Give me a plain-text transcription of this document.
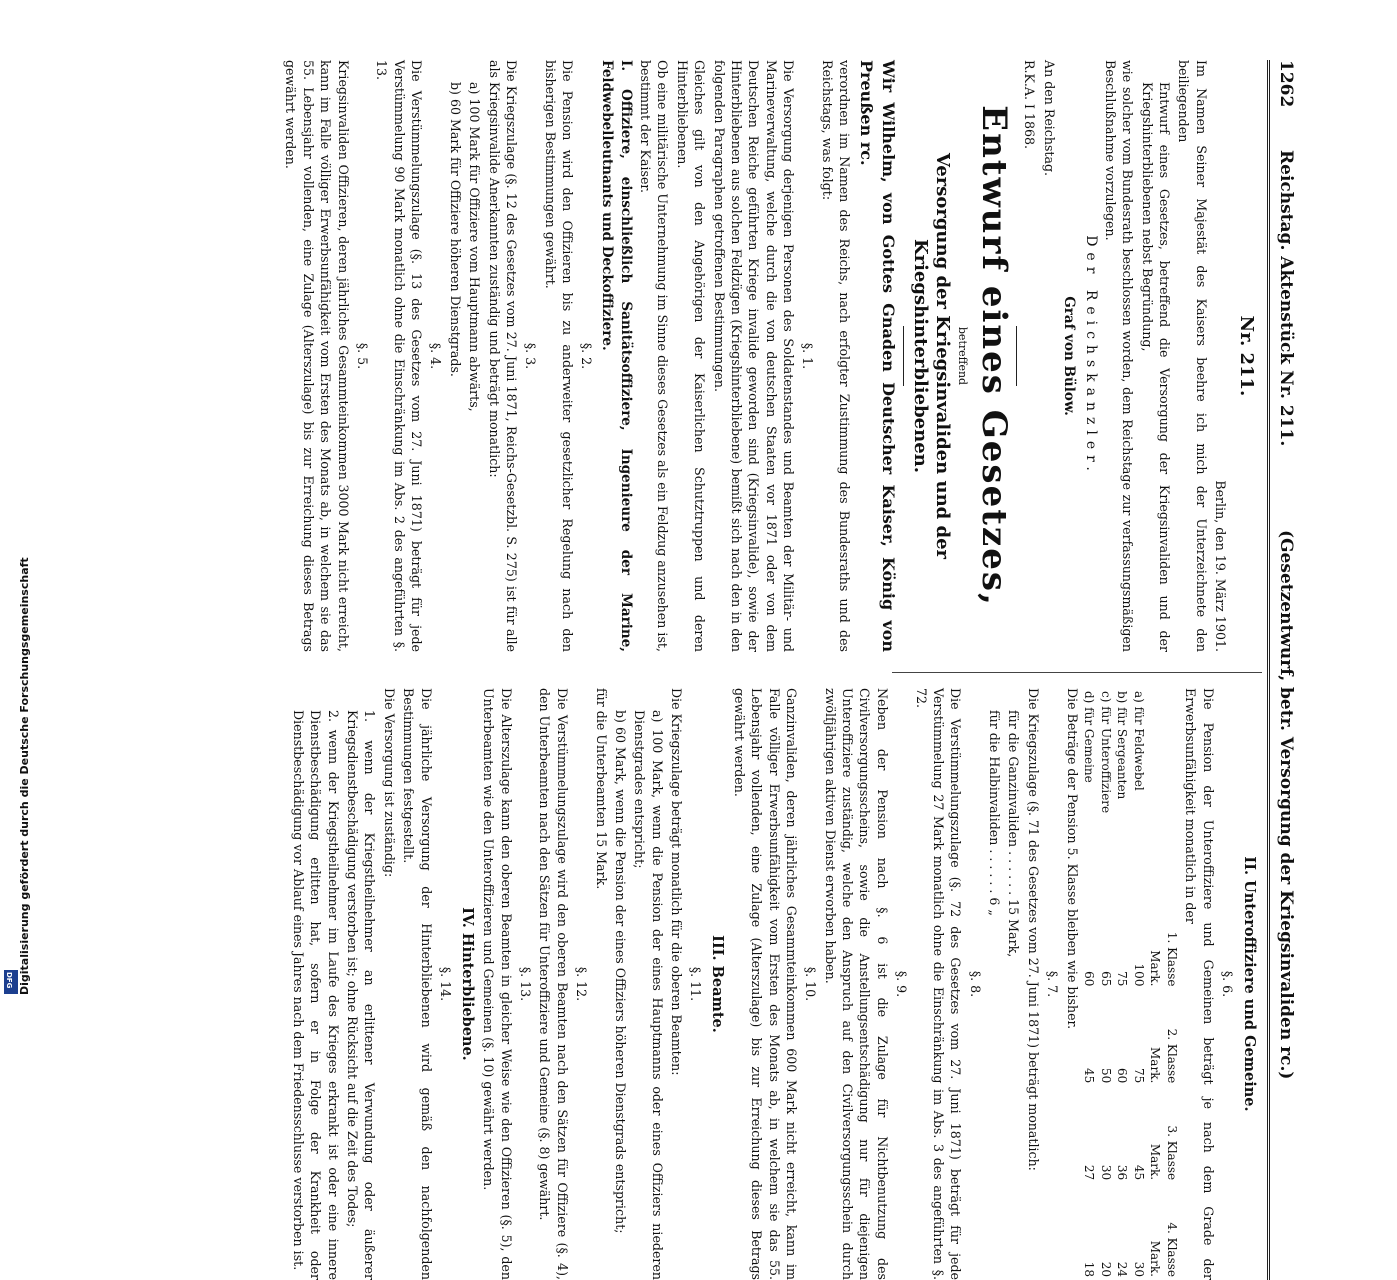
1262
Reichstag. Aktenstück Nr. 211.
(Gesetzentwurf, betr. Versorgung der Kriegsinvaliden rc.)
Nr. 211.

Berlin, den 19. März 1901.

Im Namen Seiner Majestät des Kaisers beehre ich mich der Unterzeichnete den beiliegenden

Entwurf eines Gesetzes, betreffend die Versorgung der Kriegsinvaliden und der Kriegshinterbliebenen nebst Begründung,

wie solcher vom Bundesrath beschlossen worden, dem Reichstage zur verfassungsmäßigen Beschlußnahme vorzulegen.

Der Reichskanzler.

Graf von Bülow.

An den Reichstag.

R.K.A. I 1868.

Entwurf eines Gesetzes,

betreffend

Versorgung der Kriegsinvaliden und der Kriegshinterbliebenen.

Wir Wilhelm, von Gottes Gnaden Deutscher Kaiser, König von Preußen rc.

verordnen im Namen des Reichs, nach erfolgter Zustimmung des Bundesraths und des Reichstags, was folgt:

§. 1.

Die Versorgung derjenigen Personen des Soldatenstandes und Beamten der Militär- und Marineverwaltung, welche durch die von deutschen Staaten vor 1871 oder von dem Deutschen Reiche geführten Kriege invalide geworden sind (Kriegsinvalide), sowie der Hinterbliebenen aus solchen Feldzügen (Kriegshinterbliebene) bemißt sich nach den in den folgenden Paragraphen getroffenen Bestimmungen.

Gleiches gilt von den Angehörigen der Kaiserlichen Schutztruppen und deren Hinterbliebenen.

Ob eine militärische Unternehmung im Sinne dieses Gesetzes als ein Feldzug anzusehen ist, bestimmt der Kaiser.

I. Offiziere, einschließlich Sanitätsoffiziere, Ingenieure der Marine, Feldwebelleutnants und Deckoffiziere.

§. 2.

Die Pension wird den Offizieren bis zu anderweiter gesetzlicher Regelung nach den bisherigen Bestimmungen gewährt.

§. 3.

Die Kriegszulage (§. 12 des Gesetzes vom 27. Juni 1871, Reichs-Gesetzbl. S. 275) ist für alle als Kriegsinvalide Anerkannten zuständig und beträgt monatlich:

a) 100 Mark für Offiziere vom Hauptmann abwärts,

b) 60 Mark für Offiziere höheren Dienstgrads.

§. 4.

Die Verstümmelungszulage (§. 13 des Gesetzes vom 27. Juni 1871) beträgt für jede Verstümmelung 90 Mark monatlich ohne die Einschränkung im Abs. 2 des angeführten §. 13.

§. 5.

Kriegsinvaliden Offizieren, deren jährliches Gesammteinkommen 3000 Mark nicht erreicht, kann im Falle völliger Erwerbsunfähigkeit vom Ersten des Monats ab, in welchem sie das 55. Lebensjahr vollenden, eine Zulage (Alterszulage) bis zur Erreichung dieses Betrags gewährt werden.

II. Unteroffiziere und Gemeine.

§. 6.

Die Pension der Unteroffiziere und Gemeinen beträgt je nach dem Grade der Erwerbsunfähigkeit monatlich in der

	1. Klasse	2. Klasse	3. Klasse	4. Klasse
	Mark.	Mark.	Mark.	Mark.
a) für Feldwebel	100	75	45	30
b) für Sergeanten	75	60	36	24
c) für Unteroffiziere	65	50	30	20
d) für Gemeine	60	45	27	18

Die Beträge der Pension 5. Klasse bleiben wie bisher.

§. 7.

Die Kriegszulage (§. 71 des Gesetzes vom 27. Juni 1871) beträgt monatlich:

für die Ganzinvaliden . . . . . . 15 Mark,

für die Halbinvaliden . . . . . . 6 „

§. 8.

Die Verstümmelungszulage (§. 72 des Gesetzes vom 27. Juni 1871) beträgt für jede Verstümmelung 27 Mark monatlich ohne die Einschränkung im Abs. 3 des angeführten §. 72.

§. 9.

Neben der Pension nach §. 6 ist die Zulage für Nichtbenutzung des Civilversorgungsscheins, sowie die Anstellungsentschädigung nur für diejenigen Unteroffiziere zuständig, welche den Anspruch auf den Civilversorgungsschein durch zwölfjährigen aktiven Dienst erworben haben.

§. 10.

Ganzinvaliden, deren jährliches Gesammteinkommen 600 Mark nicht erreicht, kann im Falle völliger Erwerbsunfähigkeit vom Ersten des Monats ab, in welchem sie das 55. Lebensjahr vollenden, eine Zulage (Alterszulage) bis zur Erreichung dieses Betrags gewährt werden.

III. Beamte.

§. 11.

Die Kriegszulage beträgt monatlich für die oberen Beamten:

a) 100 Mark, wenn die Pension der eines Hauptmanns oder eines Offiziers niederen Dienstgrades entspricht;

b) 60 Mark, wenn die Pension der eines Offiziers höheren Dienstgrads entspricht;

für die Unterbeamten 15 Mark.

§. 12.

Die Verstümmelungszulage wird den oberen Beamten nach den Sätzen für Offiziere (§. 4), den Unterbeamten nach den Sätzen für Unteroffiziere und Gemeine (§. 8) gewährt.

§. 13.

Die Alterszulage kann den oberen Beamten in gleicher Weise wie den Offizieren (§. 5), den Unterbeamten wie den Unteroffizieren und Gemeinen (§. 10) gewährt werden.

IV. Hinterbliebene.

§. 14.

Die jährliche Versorgung der Hinterbliebenen wird gemäß den nachfolgenden Bestimmungen festgestellt.

Die Versorgung ist zuständig:

1. wenn der Kriegstheilnehmer an erlittener Verwundung oder äußerer Kriegsdienstbeschädigung verstorben ist; ohne Rücksicht auf die Zeit des Todes;

2. wenn der Kriegstheilnehmer im Laufe des Krieges erkrankt ist oder eine innere Dienstbeschädigung erlitten hat, sofern er in Folge der Krankheit oder Dienstbeschädigung vor Ablauf eines Jahres nach dem Friedensschlusse verstorben ist.

Digitalisierung gefördert durch die Deutsche Forschungsgemeinschaft
DFG
